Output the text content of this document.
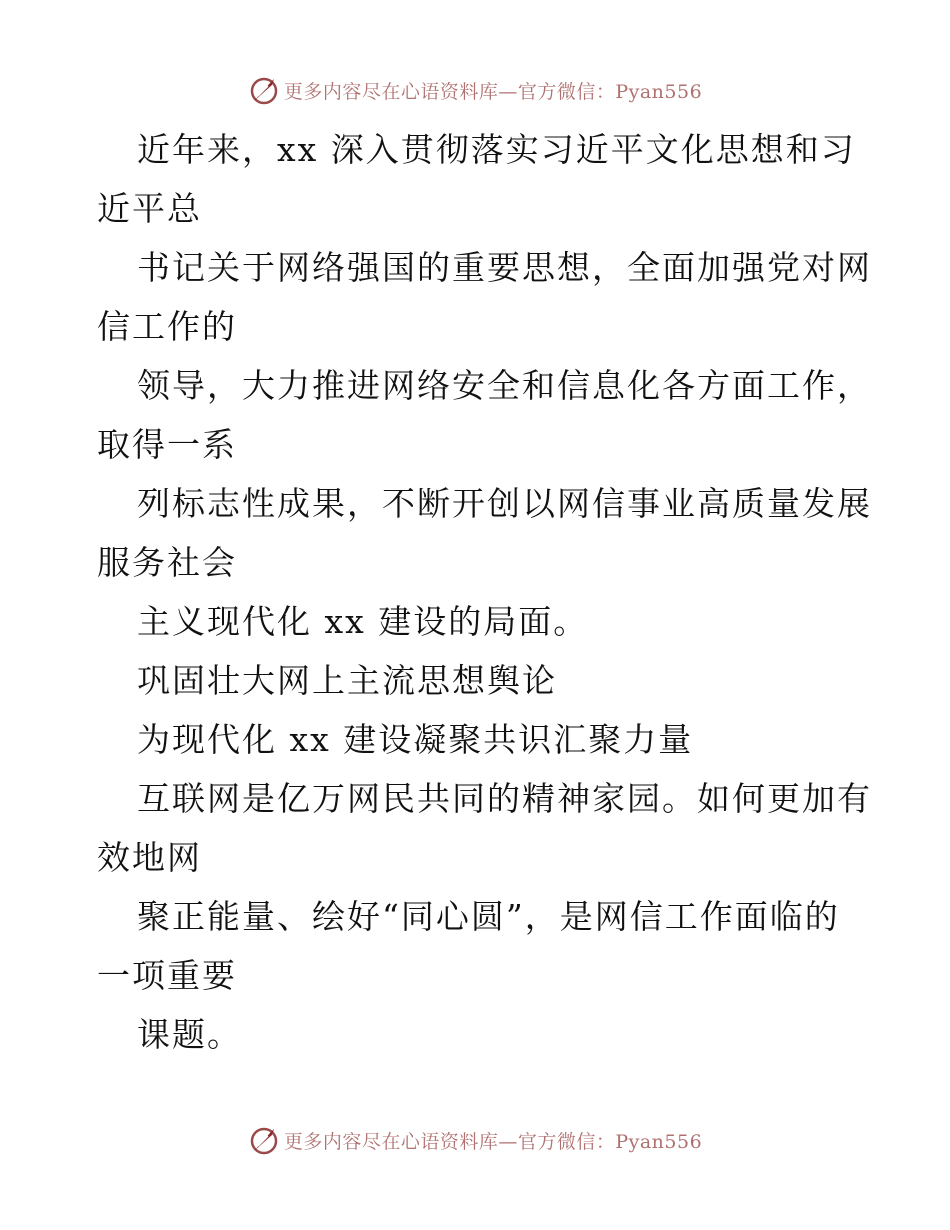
更多内容尽在心语资料库—官方微信：Pyan556
近年来，xx 深入贯彻落实习近平文化思想和习
近平总
书记关于网络强国的重要思想，全面加强党对网
信工作的
领导，大力推进网络安全和信息化各方面工作，
取得一系
列标志性成果，不断开创以网信事业高质量发展
服务社会
主义现代化 xx 建设的局面。
巩固壮大网上主流思想舆论
为现代化 xx 建设凝聚共识汇聚力量
互联网是亿万网民共同的精神家园。如何更加有
效地网
聚正能量、绘好“同心圆”，是网信工作面临的
一项重要
课题。
更多内容尽在心语资料库—官方微信：Pyan556
